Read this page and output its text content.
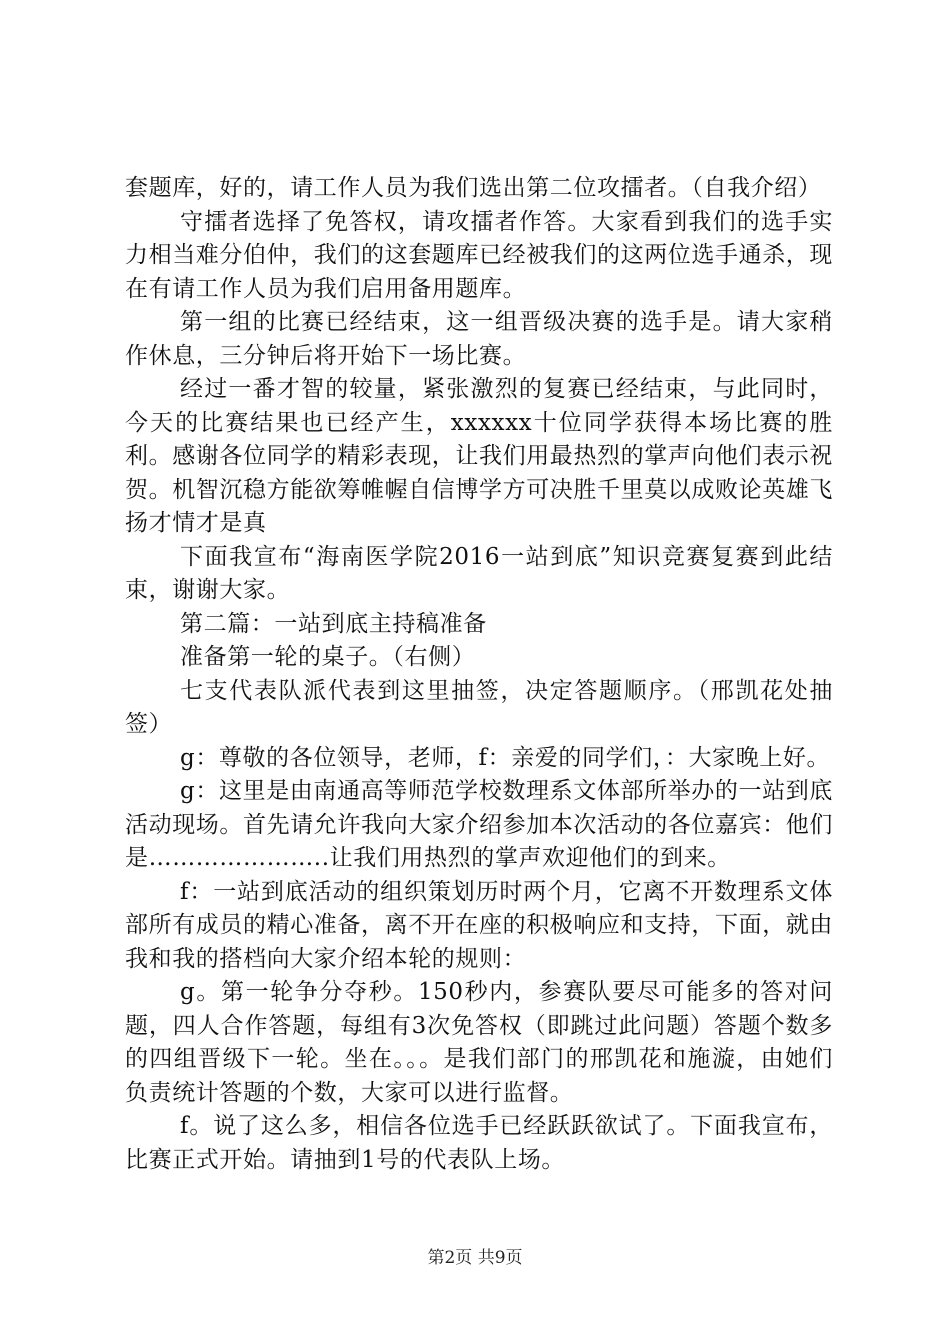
套题库，好的，请工作人员为我们选出第二位攻擂者。（自我介绍）

守擂者选择了免答权，请攻擂者作答。大家看到我们的选手实力相当难分伯仲，我们的这套题库已经被我们的这两位选手通杀，现在有请工作人员为我们启用备用题库。

第一组的比赛已经结束，这一组晋级决赛的选手是。请大家稍作休息，三分钟后将开始下一场比赛。

经过一番才智的较量，紧张激烈的复赛已经结束，与此同时，今天的比赛结果也已经产生，xxxxxx十位同学获得本场比赛的胜利。感谢各位同学的精彩表现，让我们用最热烈的掌声向他们表示祝贺。机智沉稳方能欲筹帷幄自信博学方可决胜千里莫以成败论英雄飞扬才情才是真

下面我宣布“海南医学院2016一站到底”知识竞赛复赛到此结束，谢谢大家。

第二篇：一站到底主持稿准备

准备第一轮的桌子。（右侧）

七支代表队派代表到这里抽签，决定答题顺序。（邢凯花处抽签）

g：尊敬的各位领导，老师，f：亲爱的同学们，：大家晚上好。

g：这里是由南通高等师范学校数理系文体部所举办的一站到底活动现场。首先请允许我向大家介绍参加本次活动的各位嘉宾：他们是…………………..让我们用热烈的掌声欢迎他们的到来。

f：一站到底活动的组织策划历时两个月，它离不开数理系文体部所有成员的精心准备，离不开在座的积极响应和支持，下面，就由我和我的搭档向大家介绍本轮的规则：

g。第一轮争分夺秒。150秒内，参赛队要尽可能多的答对问题，四人合作答题，每组有3次免答权（即跳过此问题）答题个数多的四组晋级下一轮。坐在。。。是我们部门的邢凯花和施漩，由她们负责统计答题的个数，大家可以进行监督。

f。说了这么多，相信各位选手已经跃跃欲试了。下面我宣布，比赛正式开始。请抽到1号的代表队上场。

第2页 共9页
